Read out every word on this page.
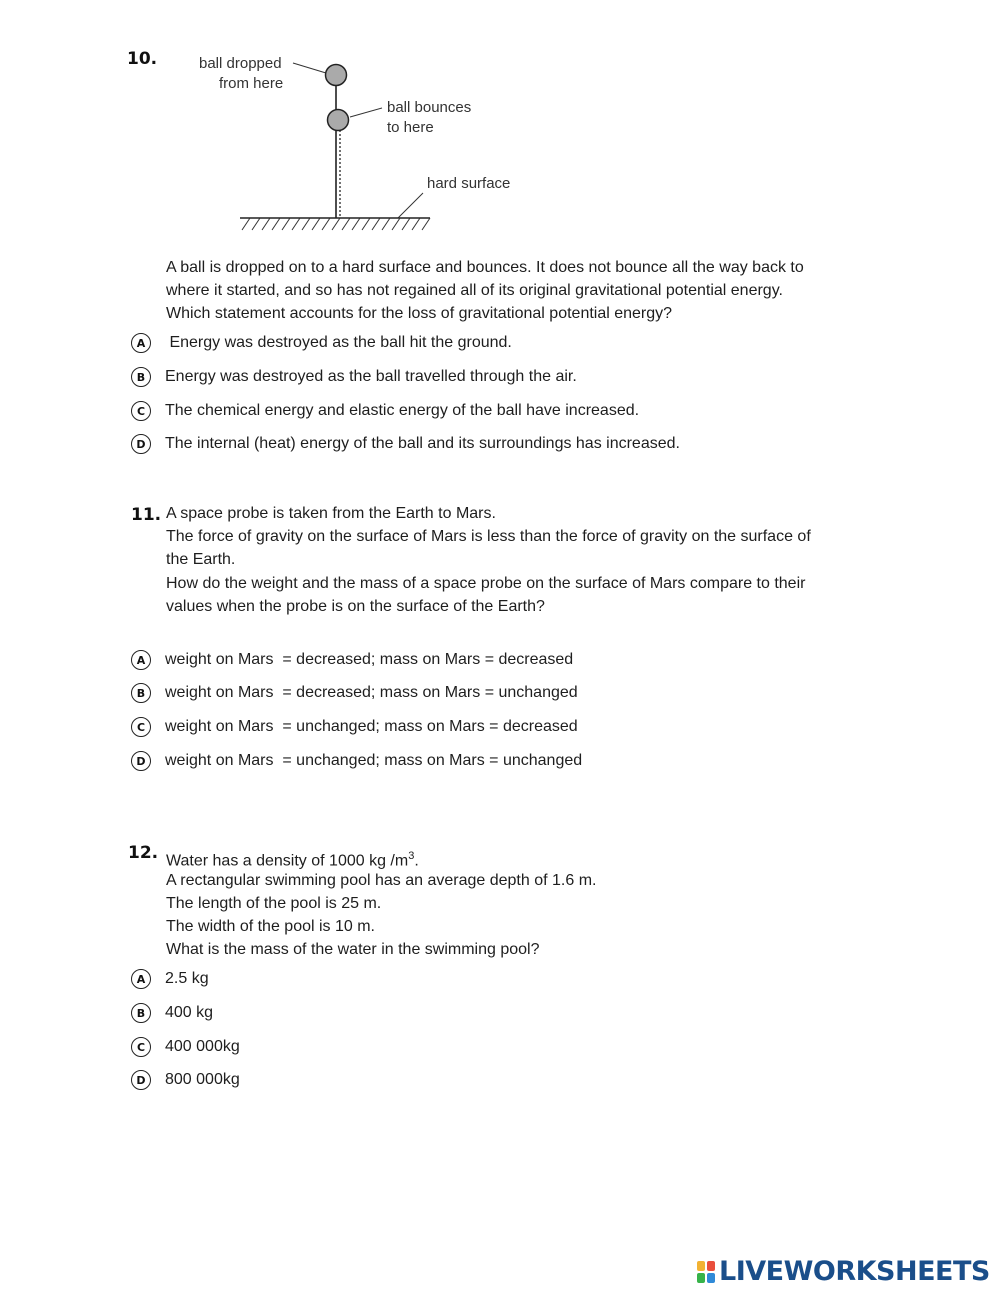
10.	ball dropped
from here
ball bounces
to here
hard surface
A ball is dropped on to a hard surface and bounces. It does not bounce all the way back to
where it started, and so has not regained all of its original gravitational potential energy.
Which statement accounts for the loss of gravitational potential energy?
A	Energy was destroyed as the ball hit the ground.
B	Energy was destroyed as the ball travelled through the air.
C	The chemical energy and elastic energy of the ball have increased.
D	The internal (heat) energy of the ball and its surroundings has increased.
11. A space probe is taken from the Earth to Mars.
The force of gravity on the surface of Mars is less than the force of gravity on the surface of
the Earth.
How do the weight and the mass of a space probe on the surface of Mars compare to their
values when the probe is on the surface of the Earth?
A	weight on Mars  = decreased; mass on Mars = decreased
B	weight on Mars  = decreased; mass on Mars = unchanged
C	weight on Mars  = unchanged; mass on Mars = decreased
D	weight on Mars  = unchanged; mass on Mars = unchanged
12. Water has a density of 1000 kg $/m^3$.
A rectangular swimming pool has an average depth of 1.6 m.
The length of the pool is 25 m.
The width of the pool is 10 m.
What is the mass of the water in the swimming pool?
A	2.5 kg
B	400 kg
C	400 000kg
D	800 000kg
LIVEWORKSHEETS
